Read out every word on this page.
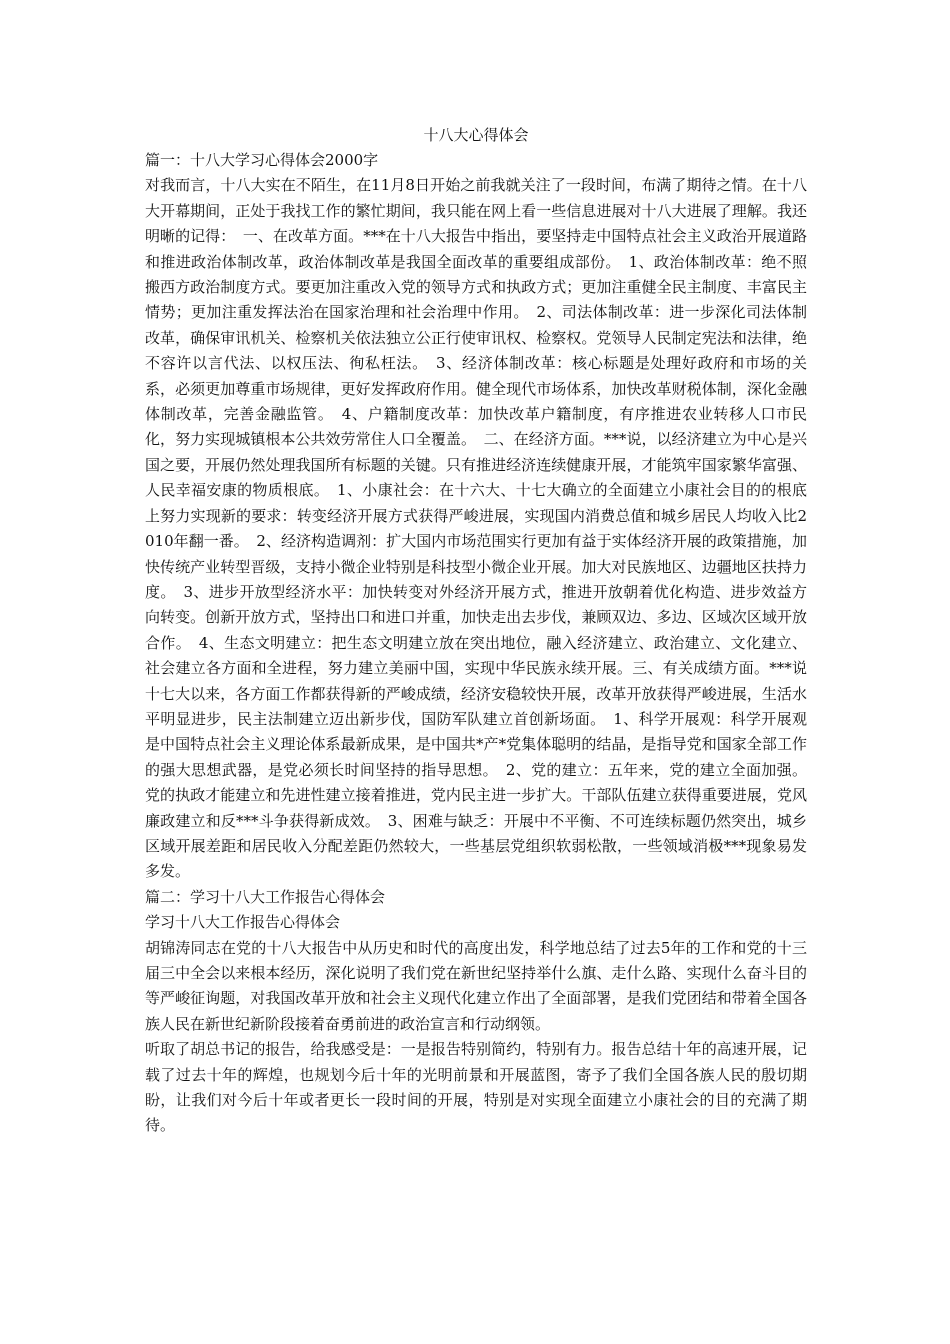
十八大心得体会

篇一：十八大学习心得体会2000字

对我而言，十八大实在不陌生，在11月8日开始之前我就关注了一段时间，布满了期待之情。在十八大开幕期间，正处于我找工作的繁忙期间，我只能在网上看一些信息进展对十八大进展了理解。我还明晰的记得：　一、在改革方面。***在十八大报告中指出，要坚持走中国特点社会主义政治开展道路和推进政治体制改革，政治体制改革是我国全面改革的重要组成部份。　1、政治体制改革：绝不照搬西方政治制度方式。要更加注重改入党的领导方式和执政方式；更加注重健全民主制度、丰富民主情势；更加注重发挥法治在国家治理和社会治理中作用。　2、司法体制改革：进一步深化司法体制改革，确保审讯机关、检察机关依法独立公正行使审讯权、检察权。党领导人民制定宪法和法律，绝不容许以言代法、以权压法、徇私枉法。　3、经济体制改革：核心标题是处理好政府和市场的关系，必须更加尊重市场规律，更好发挥政府作用。健全现代市场体系，加快改革财税体制，深化金融体制改革，完善金融监管。　4、户籍制度改革：加快改革户籍制度，有序推进农业转移人口市民化，努力实现城镇根本公共效劳常住人口全覆盖。　二、在经济方面。***说，以经济建立为中心是兴国之要，开展仍然处理我国所有标题的关键。只有推进经济连续健康开展，才能筑牢国家繁华富强、人民幸福安康的物质根底。　1、小康社会：在十六大、十七大确立的全面建立小康社会目的的根底上努力实现新的要求：转变经济开展方式获得严峻进展，实现国内消费总值和城乡居民人均收入比2010年翻一番。　2、经济构造调剂：扩大国内市场范围实行更加有益于实体经济开展的政策措施，加快传统产业转型晋级，支持小微企业特别是科技型小微企业开展。加大对民族地区、边疆地区扶持力度。　3、进步开放型经济水平：加快转变对外经济开展方式，推进开放朝着优化构造、进步效益方向转变。创新开放方式，坚持出口和进口并重，加快走出去步伐，兼顾双边、多边、区域次区域开放合作。　4、生态文明建立：把生态文明建立放在突出地位，融入经济建立、政治建立、文化建立、社会建立各方面和全进程，努力建立美丽中国，实现中华民族永续开展。三、有关成绩方面。***说十七大以来，各方面工作都获得新的严峻成绩，经济安稳较快开展，改革开放获得严峻进展，生活水平明显进步，民主法制建立迈出新步伐，国防军队建立首创新场面。　1、科学开展观：科学开展观是中国特点社会主义理论体系最新成果，是中国共*产*党集体聪明的结晶，是指导党和国家全部工作的强大思想武器，是党必须长时间坚持的指导思想。　2、党的建立：五年来，党的建立全面加强。党的执政才能建立和先进性建立接着推进，党内民主进一步扩大。干部队伍建立获得重要进展，党风廉政建立和反***斗争获得新成效。　3、困难与缺乏：开展中不平衡、不可连续标题仍然突出，城乡区域开展差距和居民收入分配差距仍然较大，一些基层党组织软弱松散，一些领域消极***现象易发多发。

篇二：学习十八大工作报告心得体会

学习十八大工作报告心得体会

胡锦涛同志在党的十八大报告中从历史和时代的高度出发，科学地总结了过去5年的工作和党的十三届三中全会以来根本经历，深化说明了我们党在新世纪坚持举什么旗、走什么路、实现什么奋斗目的等严峻征询题，对我国改革开放和社会主义现代化建立作出了全面部署，是我们党团结和带着全国各族人民在新世纪新阶段接着奋勇前进的政治宣言和行动纲领。

听取了胡总书记的报告，给我感受是：一是报告特别简约，特别有力。报告总结十年的高速开展，记载了过去十年的辉煌，也规划今后十年的光明前景和开展蓝图，寄予了我们全国各族人民的殷切期盼，让我们对今后十年或者更长一段时间的开展，特别是对实现全面建立小康社会的目的充满了期待。
